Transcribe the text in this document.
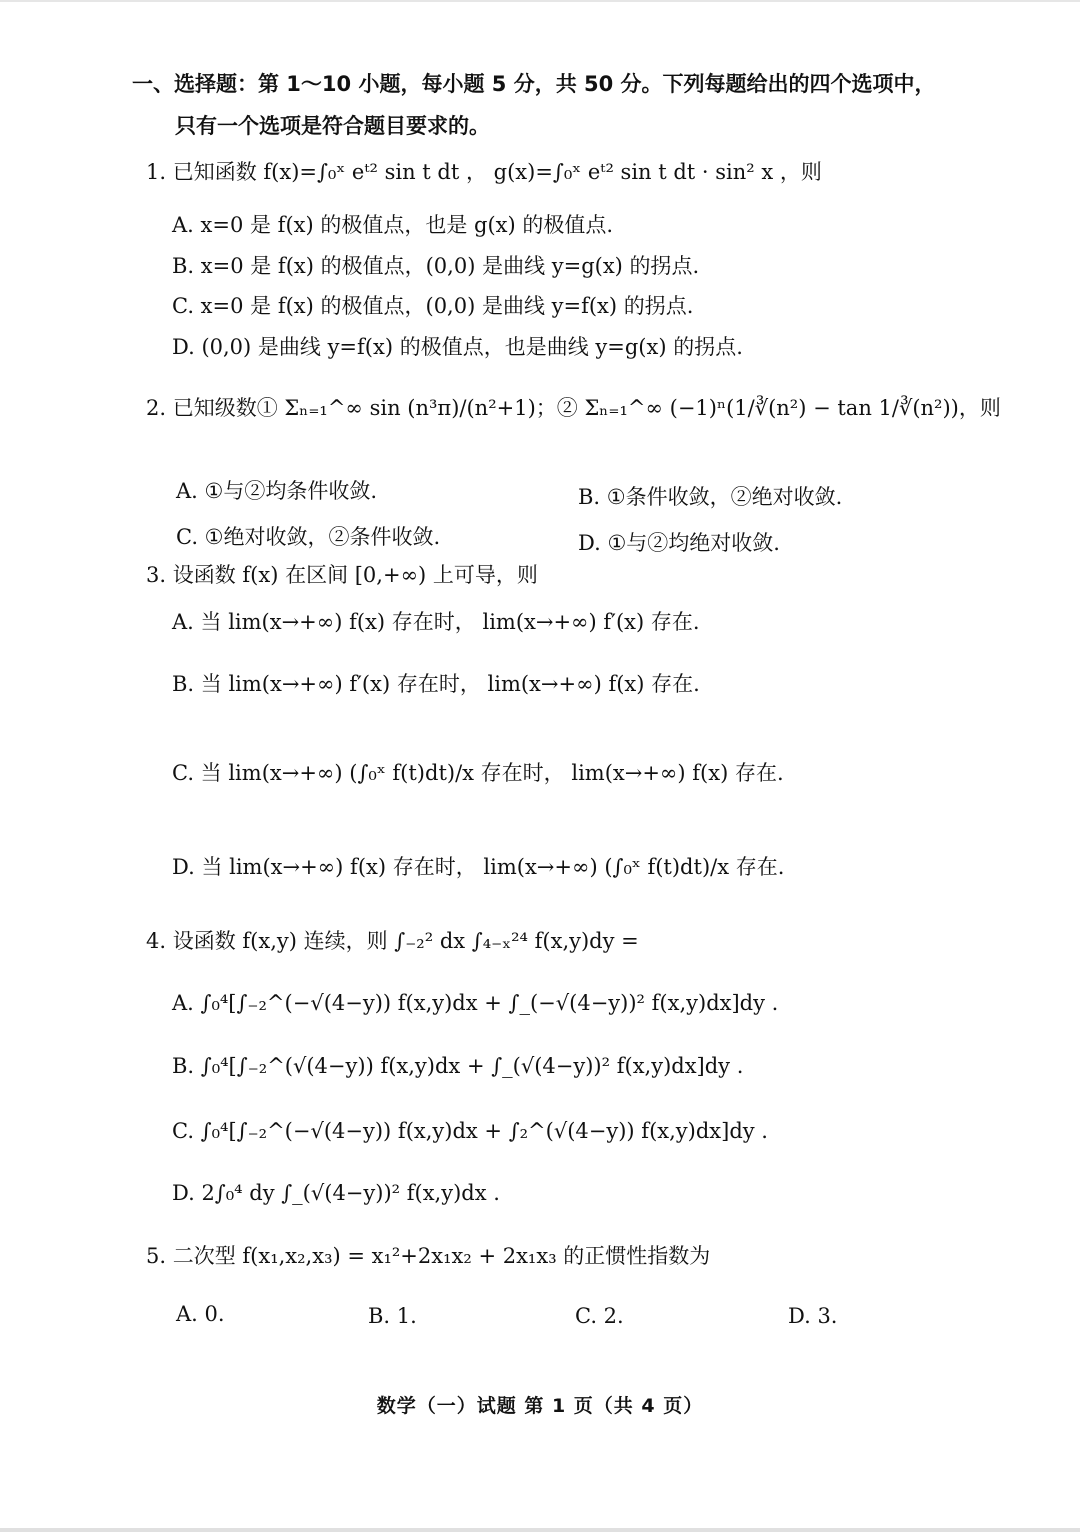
一、选择题：第 1～10 小题，每小题 5 分，共 50 分。下列每题给出的四个选项中，
只有一个选项是符合题目要求的。
1. 已知函数 f(x)=∫₀ˣ eᵗ² sin t dt ， g(x)=∫₀ˣ eᵗ² sin t dt · sin² x ，则
A. x=0 是 f(x) 的极值点，也是 g(x) 的极值点.
B. x=0 是 f(x) 的极值点，(0,0) 是曲线 y=g(x) 的拐点.
C. x=0 是 f(x) 的极值点，(0,0) 是曲线 y=f(x) 的拐点.
D. (0,0) 是曲线 y=f(x) 的极值点，也是曲线 y=g(x) 的拐点.
2. 已知级数① Σₙ₌₁^∞ sin (n³π)/(n²+1)；② Σₙ₌₁^∞ (−1)ⁿ(1/∛(n²) − tan 1/∛(n²))，则
A. ①与②均条件收敛.	B. ①条件收敛，②绝对收敛.
C. ①绝对收敛，②条件收敛.	D. ①与②均绝对收敛.
3. 设函数 f(x) 在区间 [0,+∞) 上可导，则
A. 当 lim(x→+∞) f(x) 存在时， lim(x→+∞) f′(x) 存在.
B. 当 lim(x→+∞) f′(x) 存在时， lim(x→+∞) f(x) 存在.
C. 当 lim(x→+∞) (∫₀ˣ f(t)dt)/x 存在时， lim(x→+∞) f(x) 存在.
D. 当 lim(x→+∞) f(x) 存在时， lim(x→+∞) (∫₀ˣ f(t)dt)/x 存在.
4. 设函数 f(x,y) 连续，则 ∫₋₂² dx ∫₄₋ₓ²⁴ f(x,y)dy =
A. ∫₀⁴[∫₋₂^(−√(4−y)) f(x,y)dx + ∫_(−√(4−y))² f(x,y)dx]dy .
B. ∫₀⁴[∫₋₂^(√(4−y)) f(x,y)dx + ∫_(√(4−y))² f(x,y)dx]dy .
C. ∫₀⁴[∫₋₂^(−√(4−y)) f(x,y)dx + ∫₂^(√(4−y)) f(x,y)dx]dy .
D. 2∫₀⁴ dy ∫_(√(4−y))² f(x,y)dx .
5. 二次型 f(x₁,x₂,x₃) = x₁²+2x₁x₂ + 2x₁x₃ 的正惯性指数为
A. 0.	B. 1.	C. 2.	D. 3.
数学（一）试题 第 1 页（共 4 页）
